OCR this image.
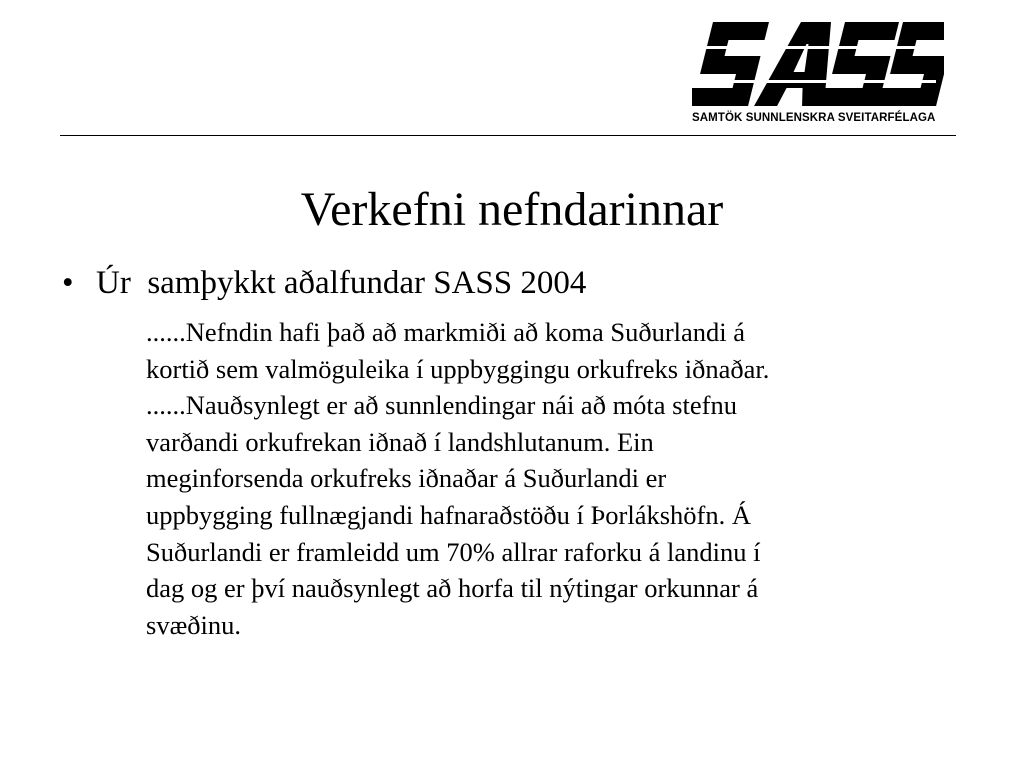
SAMTÖK SUNNLENSKRA SVEITARFÉLAGA
Verkefni nefndarinnar
• Úr  samþykkt aðalfundar SASS 2004
......Nefndin hafi það að markmiði að koma Suðurlandi á
kortið sem valmöguleika í uppbyggingu orkufreks iðnaðar.
......Nauðsynlegt er að sunnlendingar nái að móta stefnu
varðandi orkufrekan iðnað í landshlutanum. Ein
meginforsenda orkufreks iðnaðar á Suðurlandi er
uppbygging fullnægjandi hafnaraðstöðu í Þorlákshöfn. Á
Suðurlandi er framleidd um 70% allrar raforku á landinu í
dag og er því nauðsynlegt að horfa til nýtingar orkunnar á
svæðinu.
